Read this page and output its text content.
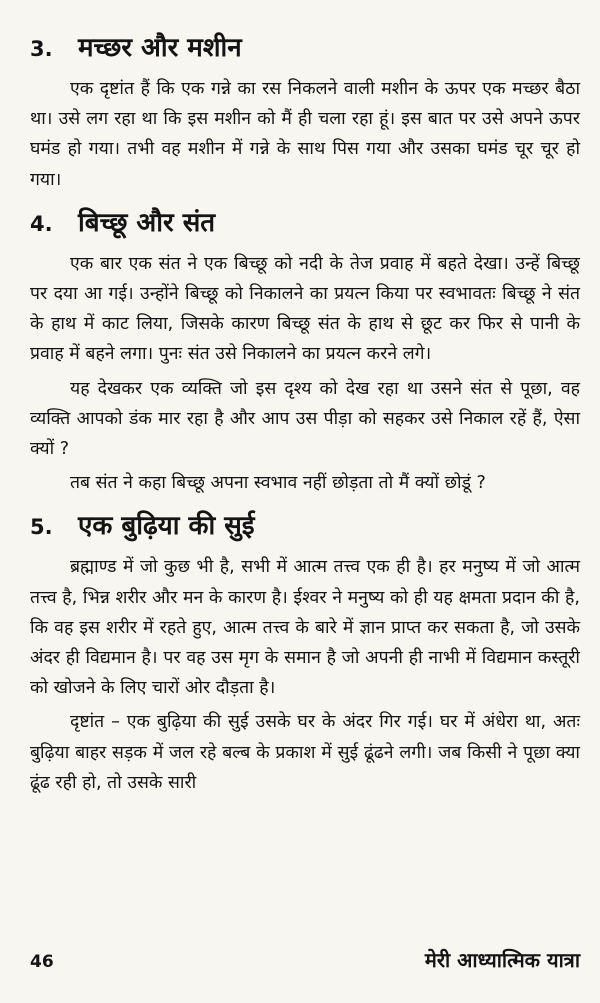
3. मच्छर और मशीन

एक दृष्टांत हैं कि एक गन्ने का रस निकलने वाली मशीन के ऊपर एक मच्छर बैठा था। उसे लग रहा था कि इस मशीन को मैं ही चला रहा हूं। इस बात पर उसे अपने ऊपर घमंड हो गया। तभी वह मशीन में गन्ने के साथ पिस गया और उसका घमंड चूर चूर हो गया।

4. बिच्छू और संत

एक बार एक संत ने एक बिच्छू को नदी के तेज प्रवाह में बहते देखा। उन्हें बिच्छू पर दया आ गई। उन्होंने बिच्छू को निकालने का प्रयत्न किया पर स्वभावतः बिच्छू ने संत के हाथ में काट लिया, जिसके कारण बिच्छू संत के हाथ से छूट कर फिर से पानी के प्रवाह में बहने लगा। पुनः संत उसे निकालने का प्रयत्न करने लगे।

यह देखकर एक व्यक्ति जो इस दृश्य को देख रहा था उसने संत से पूछा, वह व्यक्ति आपको डंक मार रहा है और आप उस पीड़ा को सहकर उसे निकाल रहें हैं, ऐसा क्यों ?

तब संत ने कहा बिच्छू अपना स्वभाव नहीं छोड़ता तो मैं क्यों छोडूं ?

5. एक बुढ़िया की सुई

ब्रह्माण्ड में जो कुछ भी है, सभी में आत्म तत्त्व एक ही है। हर मनुष्य में जो आत्म तत्त्व है, भिन्न शरीर और मन के कारण है। ईश्वर ने मनुष्य को ही यह क्षमता प्रदान की है, कि वह इस शरीर में रहते हुए, आत्म तत्त्व के बारे में ज्ञान प्राप्त कर सकता है, जो उसके अंदर ही विद्यमान है। पर वह उस मृग के समान है जो अपनी ही नाभी में विद्यमान कस्तूरी को खोजने के लिए चारों ओर दौड़ता है।

दृष्टांत – एक बुढ़िया की सुई उसके घर के अंदर गिर गई। घर में अंधेरा था, अतः बुढ़िया बाहर सड़क में जल रहे बल्ब के प्रकाश में सुई ढूंढने लगी। जब किसी ने पूछा क्या ढूंढ रही हो, तो उसके सारी

46	मेरी आध्यात्मिक यात्रा
